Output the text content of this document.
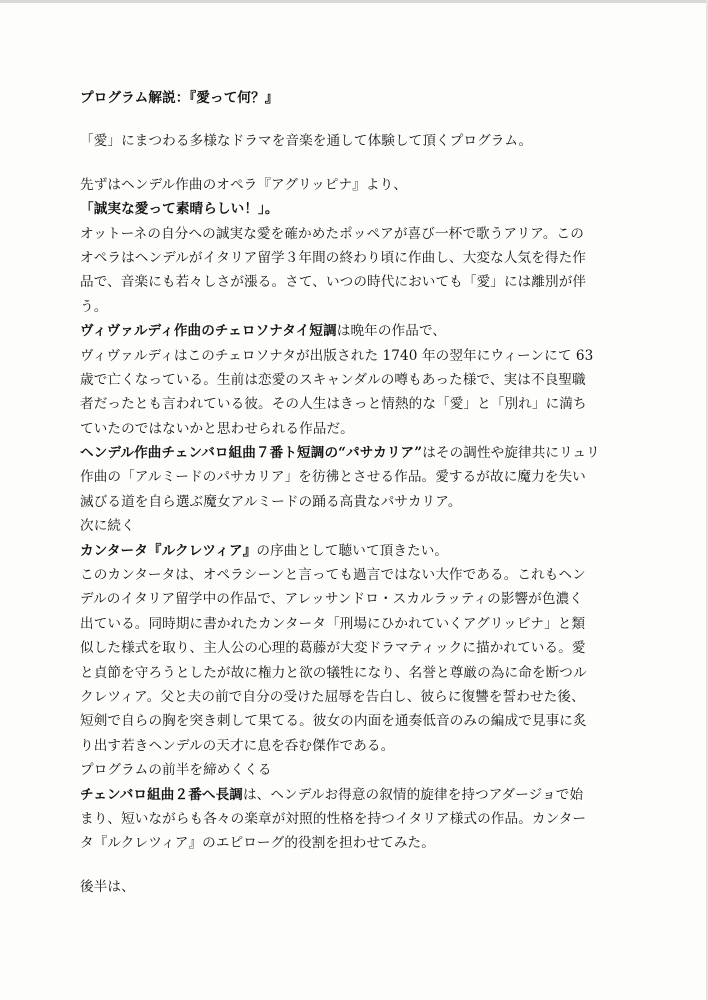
プログラム解説：『愛って何？』
「愛」にまつわる多様なドラマを音楽を通して体験して頂くプログラム。
先ずはヘンデル作曲のオペラ『アグリッピナ』より、
「誠実な愛って素晴らしい！」。
オットーネの自分への誠実な愛を確かめたポッペアが喜び一杯で歌うアリア。この
オペラはヘンデルがイタリア留学３年間の終わり頃に作曲し、大変な人気を得た作
品で、音楽にも若々しさが漲る。さて、いつの時代においても「愛」には離別が伴
う。
ヴィヴァルディ作曲のチェロソナタイ短調は晩年の作品で、
ヴィヴァルディはこのチェロソナタが出版された 1740 年の翌年にウィーンにて 63
歳で亡くなっている。生前は恋愛のスキャンダルの噂もあった様で、実は不良聖職
者だったとも言われている彼。その人生はきっと情熱的な「愛」と「別れ」に満ち
ていたのではないかと思わせられる作品だ。
ヘンデル作曲チェンバロ組曲７番ト短調の“パサカリア”はその調性や旋律共にリュリ
作曲の「アルミードのパサカリア」を彷彿とさせる作品。愛するが故に魔力を失い
滅びる道を自ら選ぶ魔女アルミードの踊る高貴なパサカリア。
次に続く
カンタータ『ルクレツィア』の序曲として聴いて頂きたい。
このカンタータは、オペラシーンと言っても過言ではない大作である。これもヘン
デルのイタリア留学中の作品で、アレッサンドロ・スカルラッティの影響が色濃く
出ている。同時期に書かれたカンタータ「刑場にひかれていくアグリッピナ」と類
似した様式を取り、主人公の心理的葛藤が大変ドラマティックに描かれている。愛
と貞節を守ろうとしたが故に権力と欲の犠牲になり、名誉と尊厳の為に命を断つル
クレツィア。父と夫の前で自分の受けた屈辱を告白し、彼らに復讐を誓わせた後、
短剣で自らの胸を突き刺して果てる。彼女の内面を通奏低音のみの編成で見事に炙
り出す若きヘンデルの天才に息を呑む傑作である。
プログラムの前半を締めくくる
チェンバロ組曲２番へ長調は、ヘンデルお得意の叙情的旋律を持つアダージョで始
まり、短いながらも各々の楽章が対照的性格を持つイタリア様式の作品。カンター
タ『ルクレツィア』のエピローグ的役割を担わせてみた。
後半は、
